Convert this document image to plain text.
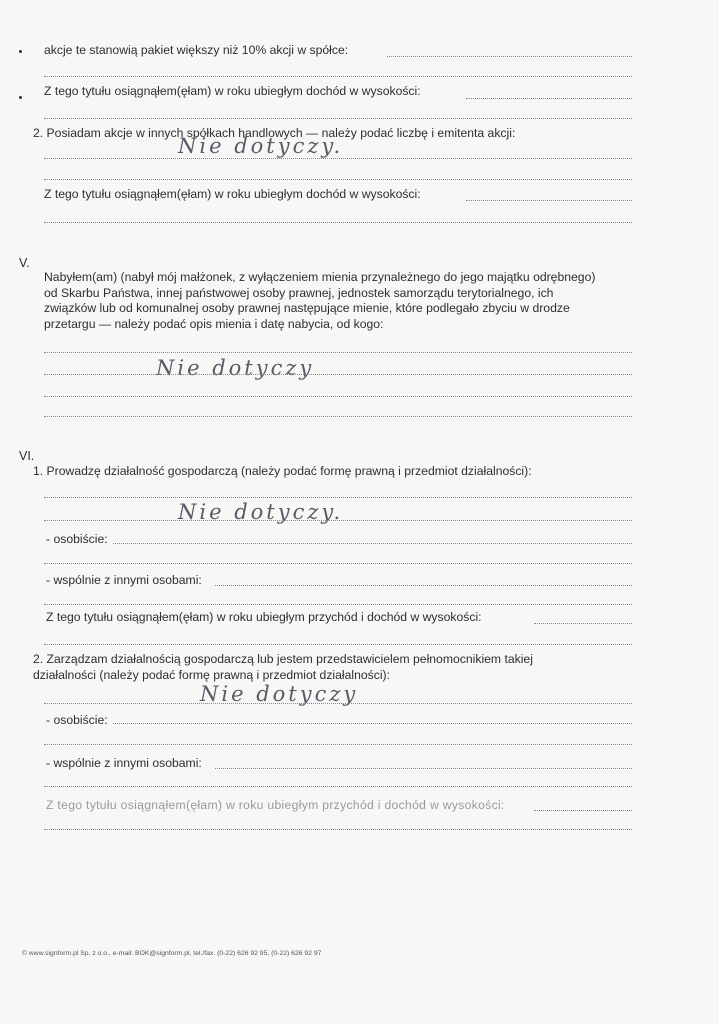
akcje te stanowią pakiet większy niż 10% akcji w spółce:
Z tego tytułu osiągnąłem(ęłam) w roku ubiegłym dochód w wysokości:
2. Posiadam akcje w innych spółkach handlowych — należy podać liczbę i emitenta akcji:
Nie dotyczy.
Z tego tytułu osiągnąłem(ęłam) w roku ubiegłym dochód w wysokości:
V.
Nabyłem(am) (nabył mój małżonek, z wyłączeniem mienia przynależnego do jego majątku odrębnego) od Skarbu Państwa, innej państwowej osoby prawnej, jednostek samorządu terytorialnego, ich związków lub od komunalnej osoby prawnej następujące mienie, które podlegało zbyciu w drodze przetargu — należy podać opis mienia i datę nabycia, od kogo:
Nie dotyczy
VI.
1. Prowadzę działalność gospodarczą (należy podać formę prawną i przedmiot działalności):
Nie dotyczy.
- osobiście:
- wspólnie z innymi osobami:
Z tego tytułu osiągnąłem(ęłam) w roku ubiegłym przychód i dochód w wysokości:
2. Zarządzam działalnością gospodarczą lub jestem przedstawicielem pełnomocnikiem takiej działalności (należy podać formę prawną i przedmiot działalności):
Nie dotyczy
- osobiście:
- wspólnie z innymi osobami:
Z tego tytułu osiągnąłem(ęłam) w roku ubiegłym przychód i dochód w wysokości:
© www.signform.pl Sp. z o.o., e-mail: BOK@signform.pl, tel./fax. (0-22) 626 92 95, (0-22) 626 92 97
